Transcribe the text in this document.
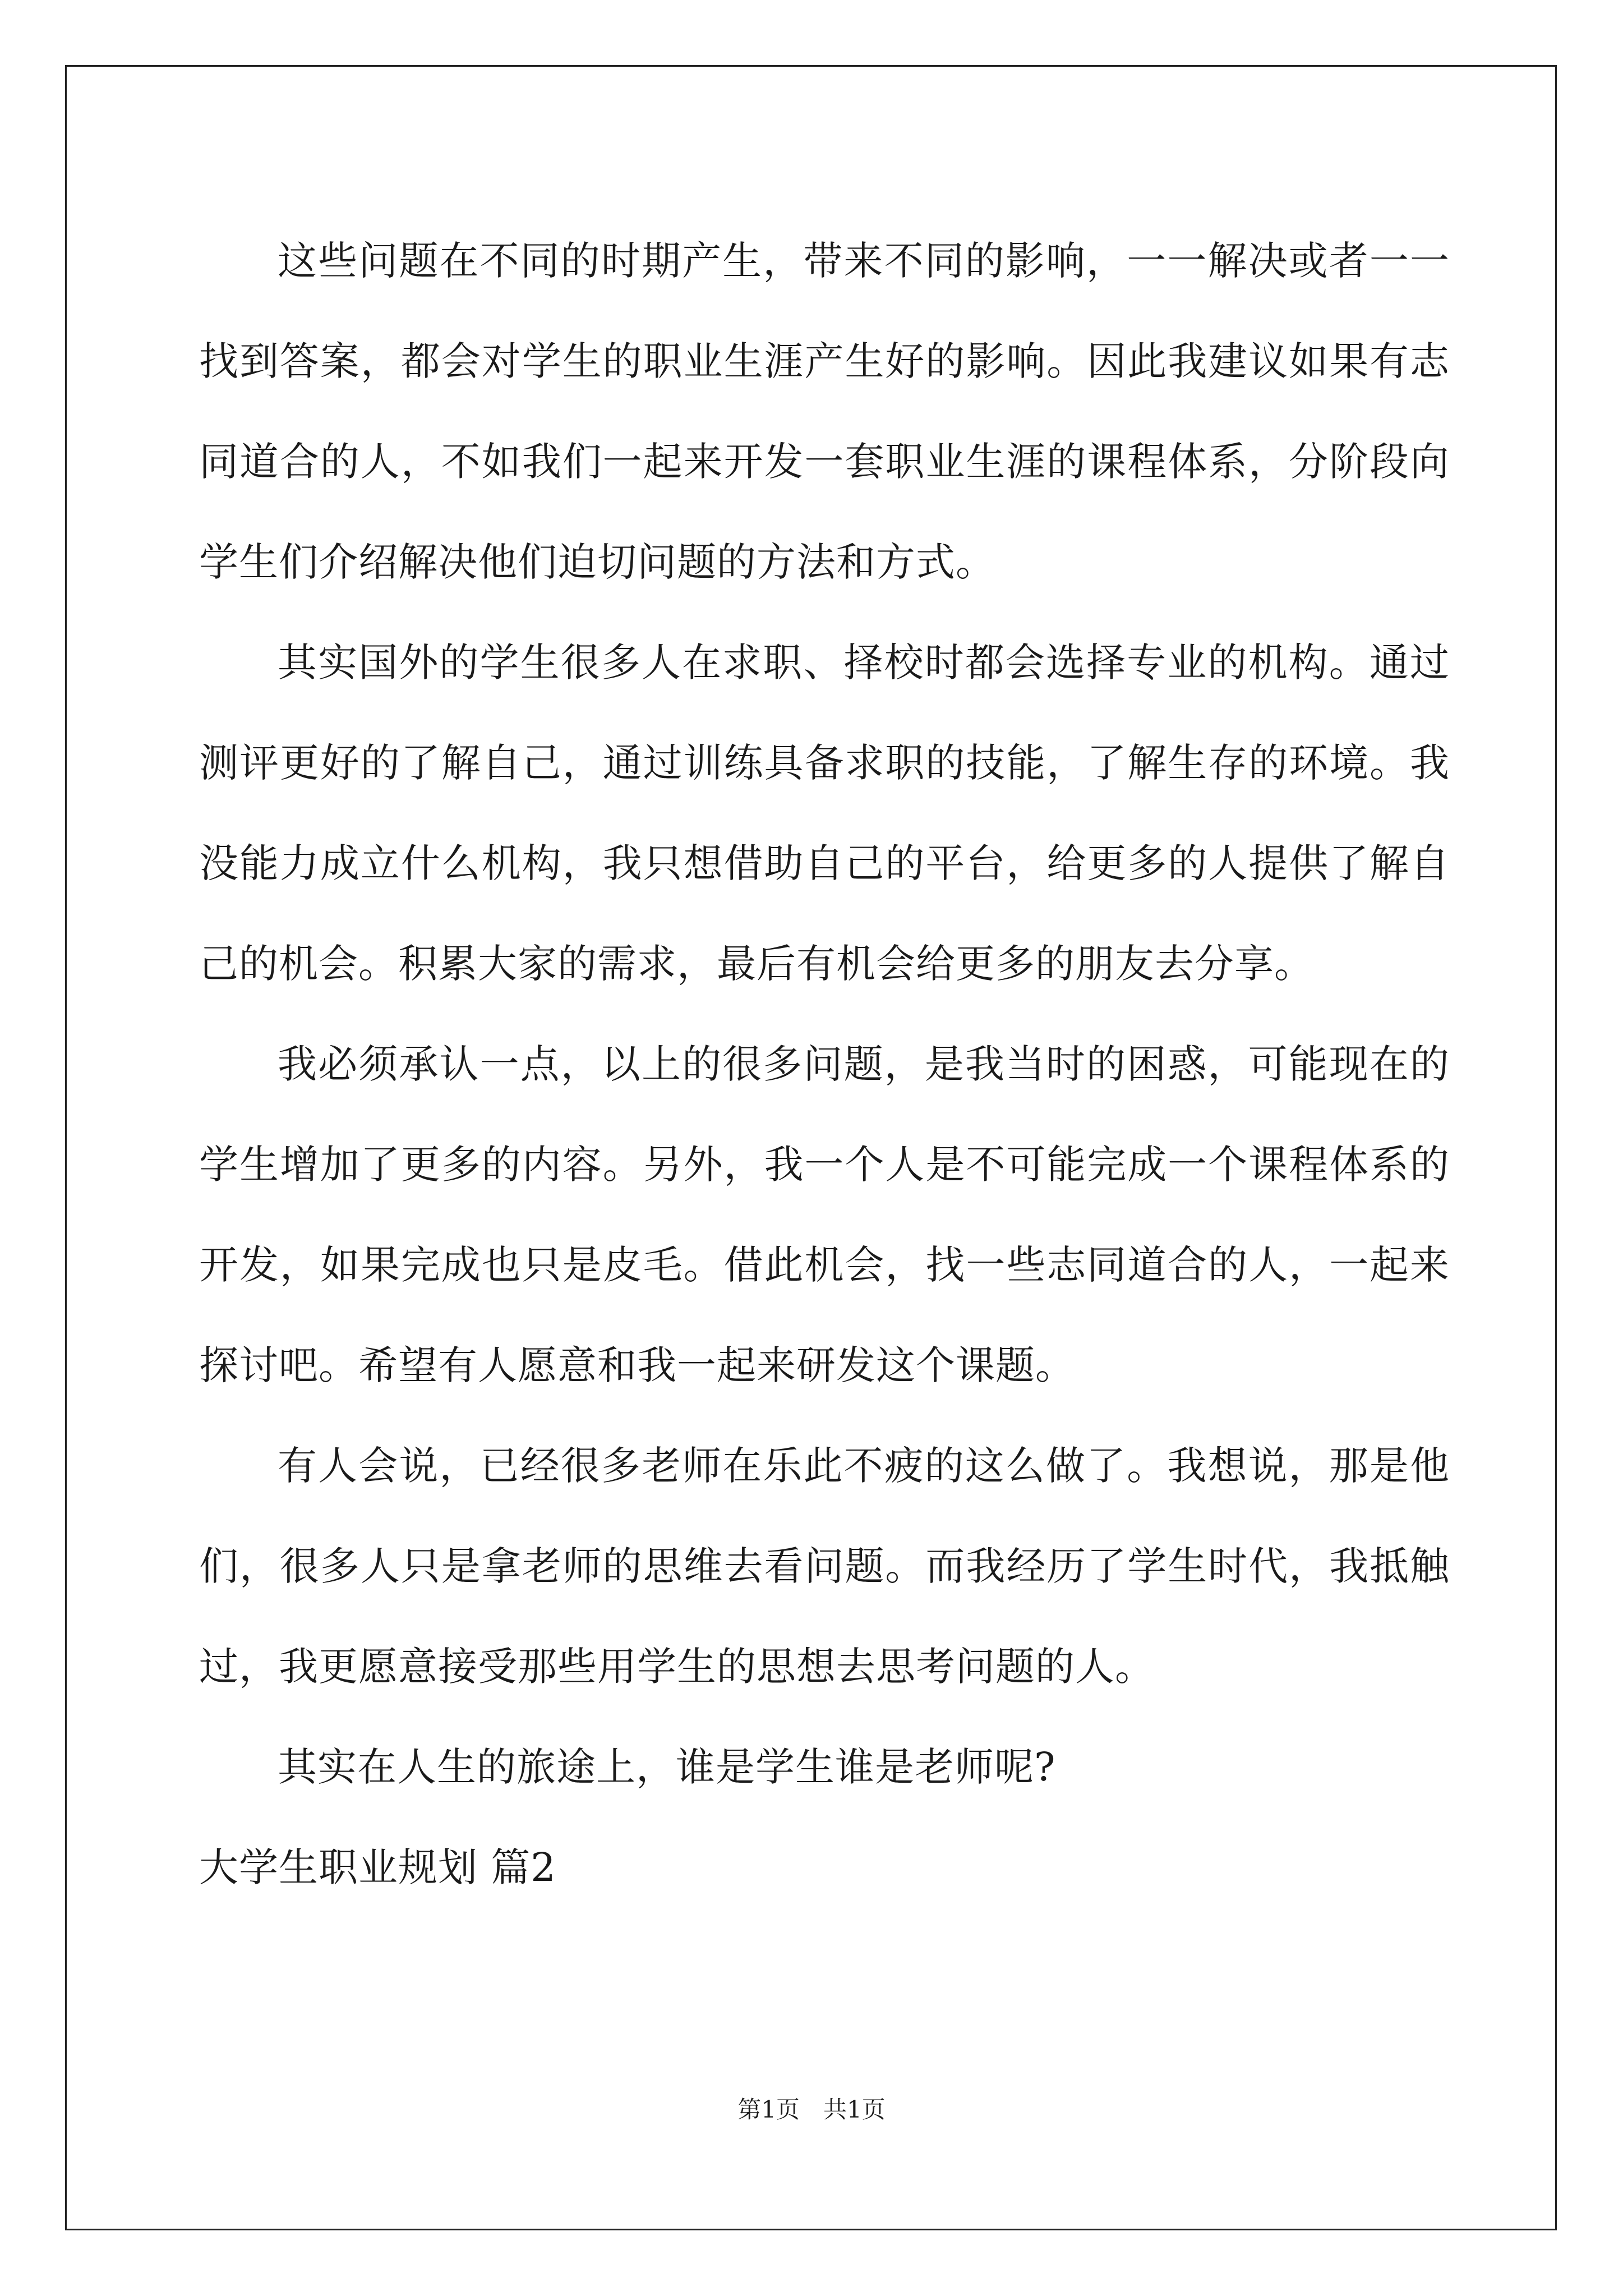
这些问题在不同的时期产生，带来不同的影响，一一解决或者一一找到答案，都会对学生的职业生涯产生好的影响。因此我建议如果有志同道合的人，不如我们一起来开发一套职业生涯的课程体系，分阶段向学生们介绍解决他们迫切问题的方法和方式。

其实国外的学生很多人在求职、择校时都会选择专业的机构。通过测评更好的了解自己，通过训练具备求职的技能，了解生存的环境。我没能力成立什么机构，我只想借助自己的平台，给更多的人提供了解自己的机会。积累大家的需求，最后有机会给更多的朋友去分享。

我必须承认一点，以上的很多问题，是我当时的困惑，可能现在的学生增加了更多的内容。另外，我一个人是不可能完成一个课程体系的开发，如果完成也只是皮毛。借此机会，找一些志同道合的人，一起来探讨吧。希望有人愿意和我一起来研发这个课题。

有人会说，已经很多老师在乐此不疲的这么做了。我想说，那是他们，很多人只是拿老师的思维去看问题。而我经历了学生时代，我抵触过，我更愿意接受那些用学生的思想去思考问题的人。

其实在人生的旅途上，谁是学生谁是老师呢?

大学生职业规划 篇2

第1页　共1页
